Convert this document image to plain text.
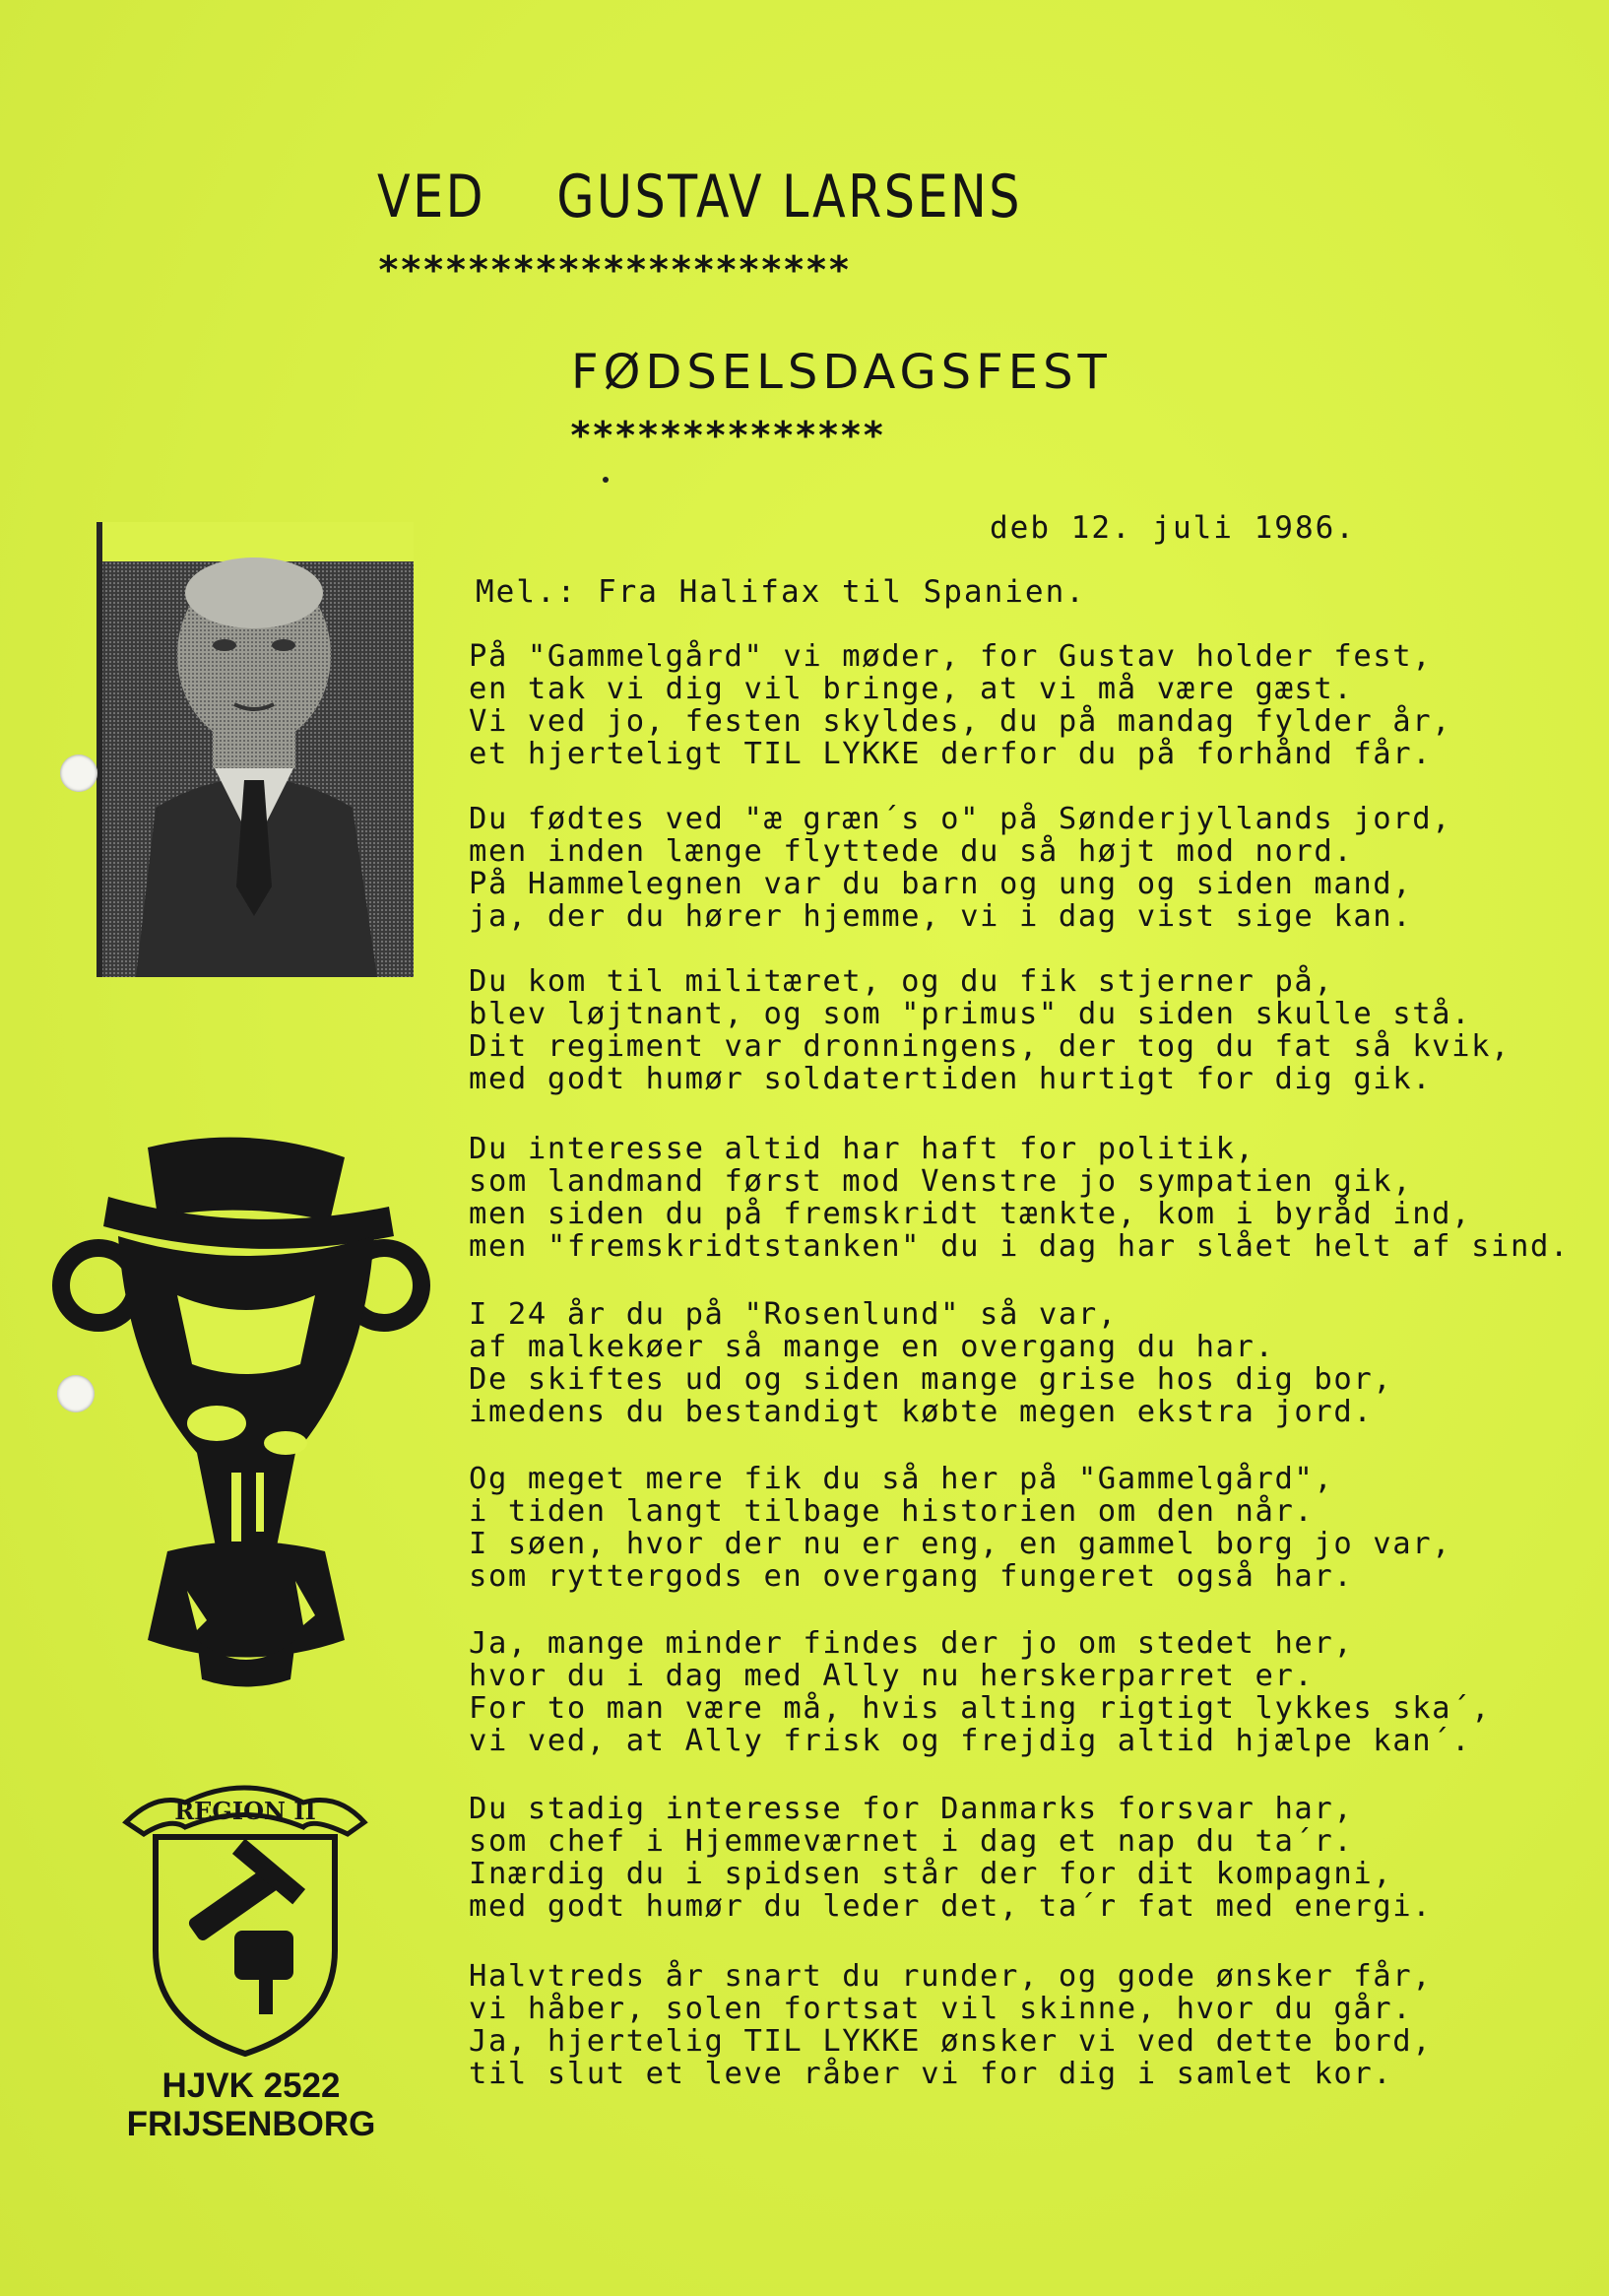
VED    GUSTAV LARSENS
*********************
FØDSELSDAGSFEST
**************
deb 12. juli 1986.
Mel.: Fra Halifax til Spanien.
På "Gammelgård" vi møder, for Gustav holder fest,
en tak vi dig vil bringe, at vi må være gæst.
Vi ved jo, festen skyldes, du på mandag fylder år,
et hjerteligt TIL LYKKE derfor du på forhånd får.
Du fødtes ved "æ græn´s o" på Sønderjyllands jord,
men inden længe flyttede du så højt mod nord.
På Hammelegnen var du barn og ung og siden mand,
ja, der du hører hjemme, vi i dag vist sige kan.
Du kom til militæret, og du fik stjerner på,
blev løjtnant, og som "primus" du siden skulle stå.
Dit regiment var dronningens, der tog du fat så kvik,
med godt humør soldatertiden hurtigt for dig gik.
Du interesse altid har haft for politik,
som landmand først mod Venstre jo sympatien gik,
men siden du på fremskridt tænkte, kom i byråd ind,
men "fremskridtstanken" du i dag har slået helt af sind.
I 24 år du på "Rosenlund" så var,
af malkekøer så mange en overgang du har.
De skiftes ud og siden mange grise hos dig bor,
imedens du bestandigt købte megen ekstra jord.
Og meget mere fik du så her på "Gammelgård",
i tiden langt tilbage historien om den når.
I søen, hvor der nu er eng, en gammel borg jo var,
som ryttergods en overgang fungeret også har.
Ja, mange minder findes der jo om stedet her,
hvor du i dag med Ally nu herskerparret er.
For to man være må, hvis alting rigtigt lykkes ska´,
vi ved, at Ally frisk og frejdig altid hjælpe kan´.
Du stadig interesse for Danmarks forsvar har,
som chef i Hjemmeværnet i dag et nap du ta´r.
Inærdig du i spidsen står der for dit kompagni,
med godt humør du leder det, ta´r fat med energi.
Halvtreds år snart du runder, og gode ønsker får,
vi håber, solen fortsat vil skinne, hvor du går.
Ja, hjertelig TIL LYKKE ønsker vi ved dette bord,
til slut et leve råber vi for dig i samlet kor.
REGION II
HJVK 2522
FRIJSENBORG
